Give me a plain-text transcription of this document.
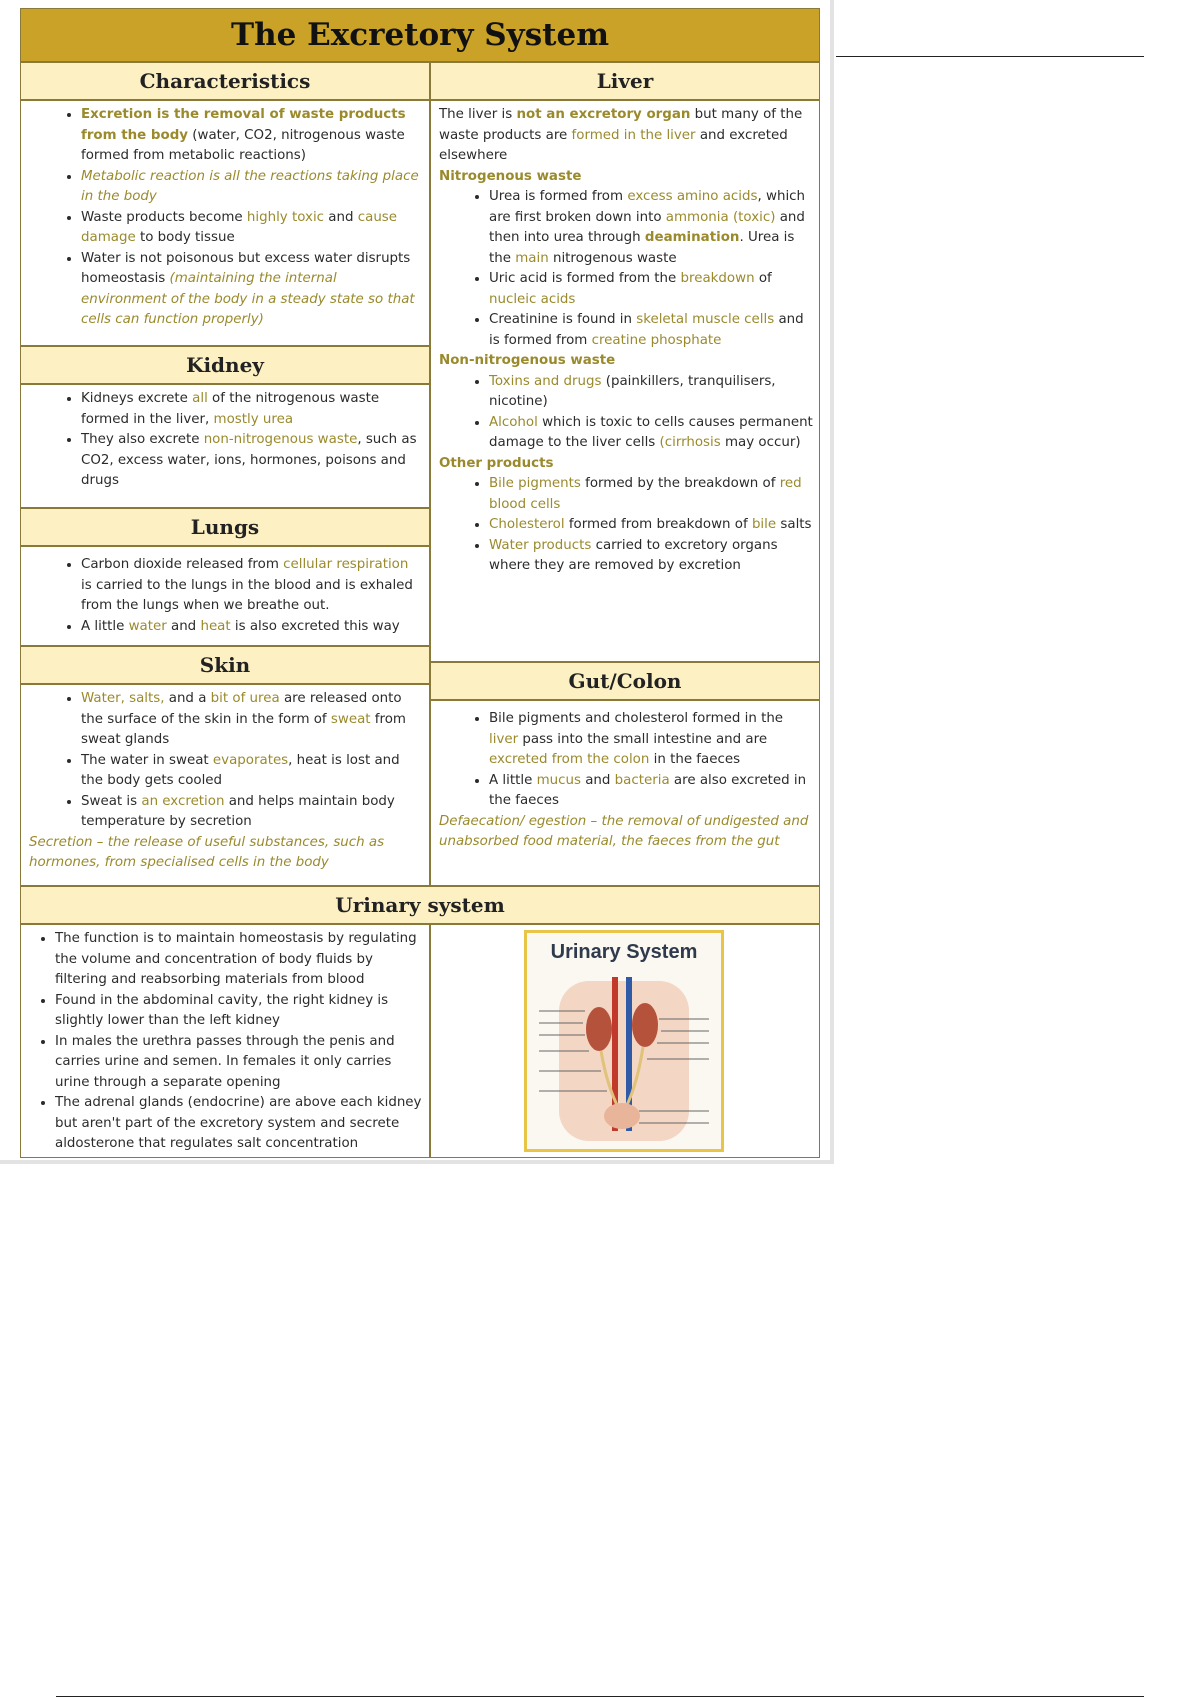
The Excretory System
Characteristics
• Excretion is the removal of waste products from the body (water, CO2, nitrogenous waste formed from metabolic reactions)
• Metabolic reaction is all the reactions taking place in the body
• Waste products become highly toxic and cause damage to body tissue
• Water is not poisonous but excess water disrupts homeostasis (maintaining the internal environment of the body in a steady state so that cells can function properly)
Kidney
• Kidneys excrete all of the nitrogenous waste formed in the liver, mostly urea
• They also excrete non-nitrogenous waste, such as CO2, excess water, ions, hormones, poisons and drugs
Lungs
• Carbon dioxide released from cellular respiration is carried to the lungs in the blood and is exhaled from the lungs when we breathe out.
• A little water and heat is also excreted this way
Skin
• Water, salts, and a bit of urea are released onto the surface of the skin in the form of sweat from sweat glands
• The water in sweat evaporates, heat is lost and the body gets cooled
• Sweat is an excretion and helps maintain body temperature by secretion

Secretion – the release of useful substances, such as hormones, from specialised cells in the body

Liver

The liver is not an excretory organ but many of the waste products are formed in the liver and excreted elsewhere

Nitrogenous waste

• Urea is formed from excess amino acids, which are first broken down into ammonia (toxic) and then into urea through deamination. Urea is the main nitrogenous waste
• Uric acid is formed from the breakdown of nucleic acids
• Creatinine is found in skeletal muscle cells and is formed from creatine phosphate

Non-nitrogenous waste

• Toxins and drugs (painkillers, tranquilisers, nicotine)
• Alcohol which is toxic to cells causes permanent damage to the liver cells (cirrhosis may occur)

Other products

• Bile pigments formed by the breakdown of red blood cells
• Cholesterol formed from breakdown of bile salts
• Water products carried to excretory organs where they are removed by excretion
Gut/Colon
• Bile pigments and cholesterol formed in the liver pass into the small intestine and are excreted from the colon in the faeces
• A little mucus and bacteria are also excreted in the faeces

Defaecation/ egestion – the removal of undigested and unabsorbed food material, the faeces from the gut

Urinary system
• The function is to maintain homeostasis by regulating the volume and concentration of body fluids by filtering and reabsorbing materials from blood
• Found in the abdominal cavity, the right kidney is slightly lower than the left kidney
• In males the urethra passes through the penis and carries urine and semen. In females it only carries urine through a separate opening
• The adrenal glands (endocrine) are above each kidney but aren't part of the excretory system and secrete aldosterone that regulates salt concentration
Urinary System
